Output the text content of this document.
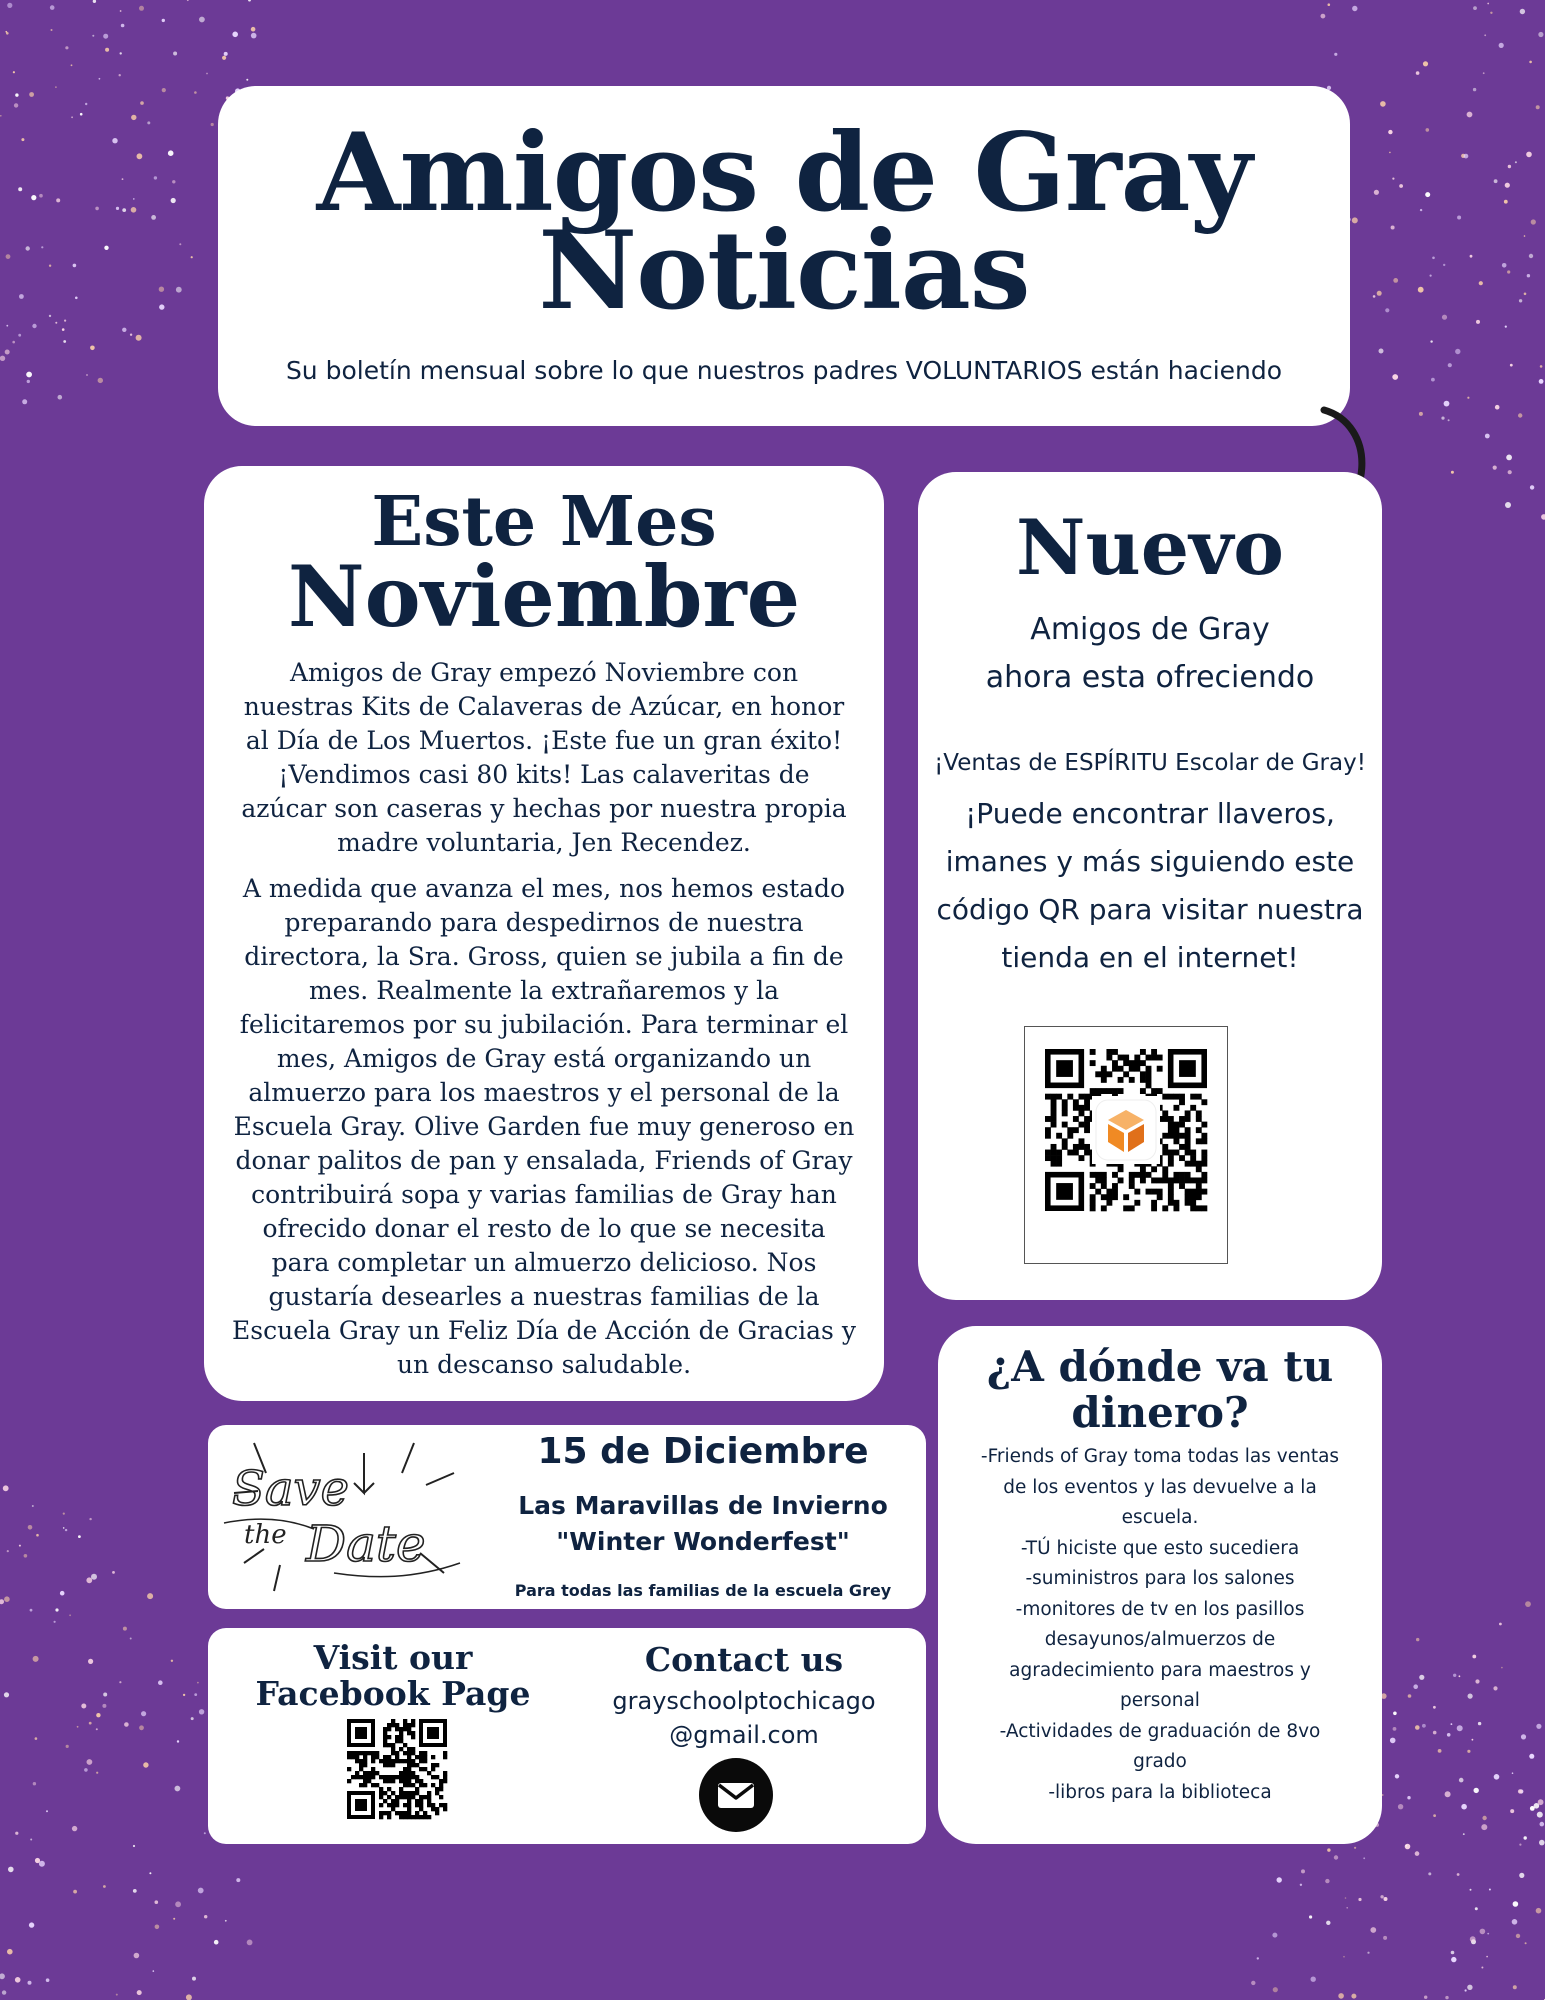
Amigos de Gray
Noticias
Su boletín mensual sobre lo que nuestros padres VOLUNTARIOS están haciendo
Este Mes
Noviembre

Amigos de Gray empezó Noviembre con nuestras Kits de Calaveras de Azúcar, en honor al Día de Los Muertos. ¡Este fue un gran éxito! ¡Vendimos casi 80 kits! Las calaveritas de azúcar son caseras y hechas por nuestra propia madre voluntaria, Jen Recendez.

A medida que avanza el mes, nos hemos estado preparando para despedirnos de nuestra directora, la Sra. Gross, quien se jubila a fin de mes. Realmente la extrañaremos y la felicitaremos por su jubilación. Para terminar el mes, Amigos de Gray está organizando un almuerzo para los maestros y el personal de la Escuela Gray. Olive Garden fue muy generoso en donar palitos de pan y ensalada, Friends of Gray contribuirá sopa y varias familias de Gray han ofrecido donar el resto de lo que se necesita para completar un almuerzo delicioso. Nos gustaría desearles a nuestras familias de la Escuela Gray un Feliz Día de Acción de Gracias y un descanso saludable.

Nuevo
Amigos de Gray
ahora esta ofreciendo
¡Ventas de ESPÍRITU Escolar de Gray!
¡Puede encontrar llaveros, imanes y más siguiendo este código QR para visitar nuestra tienda en el internet!
¿A dónde va tu
dinero?
-Friends of Gray toma todas las ventas de los eventos y las devuelve a la escuela.
-TÚ hiciste que esto sucediera
-suministros para los salones
-monitores de tv en los pasillos desayunos/almuerzos de agradecimiento para maestros y personal
-Actividades de graduación de 8vo grado
-libros para la biblioteca
Save
the Date
15 de Diciembre
Las Maravillas de Invierno
"Winter Wonderfest"
Para todas las familias de la escuela Grey
Visit our
Facebook Page
Contact us
grayschoolptochicago
@gmail.com
